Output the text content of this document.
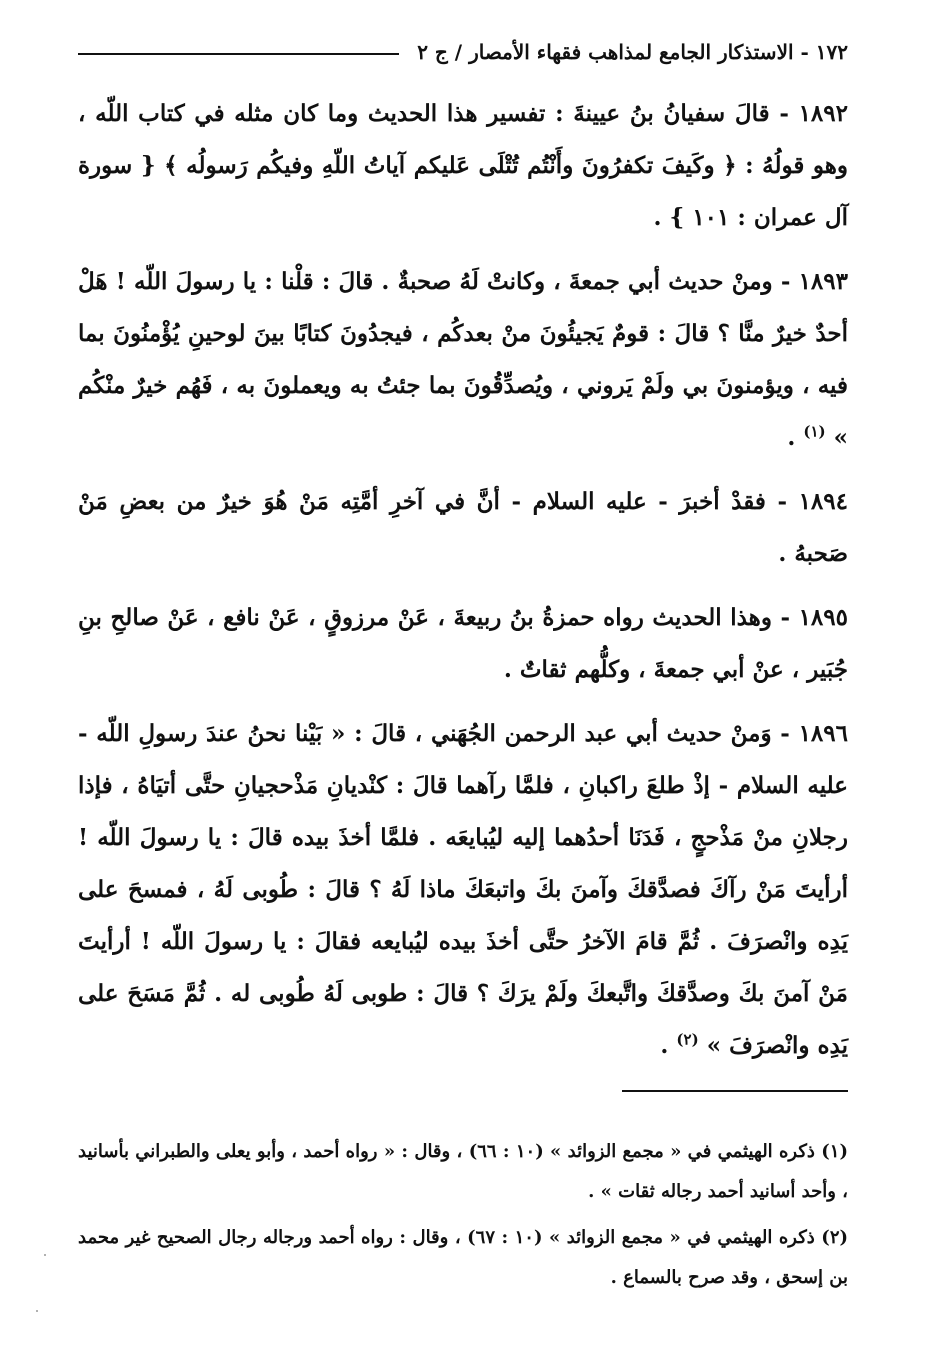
١٧٢ - الاستذكار الجامع لمذاهب فقهاء الأمصار / ج ٢

١٨٩٢ - قالَ سفيانُ بنُ عيينةَ : تفسير هذا الحديث وما كان مثله في كتاب اللّه ، وهو قولُهُ : ﴿ وكَيفَ تكفرُونَ وأَنْتُم تُتْلَى عَليكم آياتُ اللّهِ وفيكُم رَسولُه ﴾ { سورة آل عمران : ١٠١ } .

١٨٩٣ - ومنْ حديث أبي جمعةَ ، وكانتْ لَهُ صحبةٌ . قالَ : قلْنا : يا رسولَ اللّه ! هَلْ أحدٌ خيرٌ منَّا ؟ قالَ : قومٌ يَجيئُونَ منْ بعدكُم ، فيجدُونَ كتابًا بينَ لوحينِ يُؤْمنُونَ بما فيه ، ويؤمنونَ بي ولَمْ يَروني ، ويُصدِّقُونَ بما جئتُ به ويعملونَ به ، فَهُم خيرٌ منْكُم » $^{(١)}$ .

١٨٩٤ - فقدْ أخبرَ - عليه السلام - أنَّ في آخرِ أمَّتِه مَنْ هُوَ خيرٌ من بعضِ مَنْ صَحبهُ .

١٨٩٥ - وهذا الحديث رواه حمزةُ بنُ ربيعةَ ، عَنْ مرزوقٍ ، عَنْ نافع ، عَنْ صالحِ بنِ جُبَير ، عنْ أبي جمعةَ ، وكلُّهم ثقاتٌ .

١٨٩٦ - وَمنْ حديث أبي عبد الرحمن الجُهَني ، قالَ : « بَيْنا نحنُ عندَ رسولِ اللّه - عليه السلام - إذْ طلعَ راكبانِ ، فلمَّا رآهما قالَ : كنْديانِ مَذْحجيانِ حتَّى أتيَاهُ ، فإذا رجلانِ منْ مَذْحجٍ ، فَدَنَا أحدُهما إليه ليُبايعَه . فلمَّا أخذَ بيده قالَ : يا رسولَ اللّه ! أرأيتَ مَنْ رآكَ فصدَّقكَ وآمنَ بكَ واتبعَكَ ماذا لَهُ ؟ قالَ : طُوبى لَهُ ، فمسحَ على يَدِه وانْصرَفَ . ثُمَّ قامَ الآخرُ حتَّى أخذَ بيده ليُبايعه فقالَ : يا رسولَ اللّه ! أرأيتَ مَنْ آمنَ بكَ وصدَّقكَ واتَّبعكَ ولَمْ يرَكَ ؟ قالَ : طوبى لَهُ طُوبى له . ثُمَّ مَسَحَ على يَدِه وانْصرَفَ » $^{(٢)}$ .

(١) ذكره الهيثمي في « مجمع الزوائد » (١٠ : ٦٦) ، وقال : « رواه أحمد ، وأبو يعلى والطبراني بأسانيد ، وأحد أسانيد أحمد رجاله ثقات » .

(٢) ذكره الهيثمي في « مجمع الزوائد » (١٠ : ٦٧) ، وقال : رواه أحمد ورجاله رجال الصحيح غير محمد بن إسحق ، وقد صرح بالسماع .
